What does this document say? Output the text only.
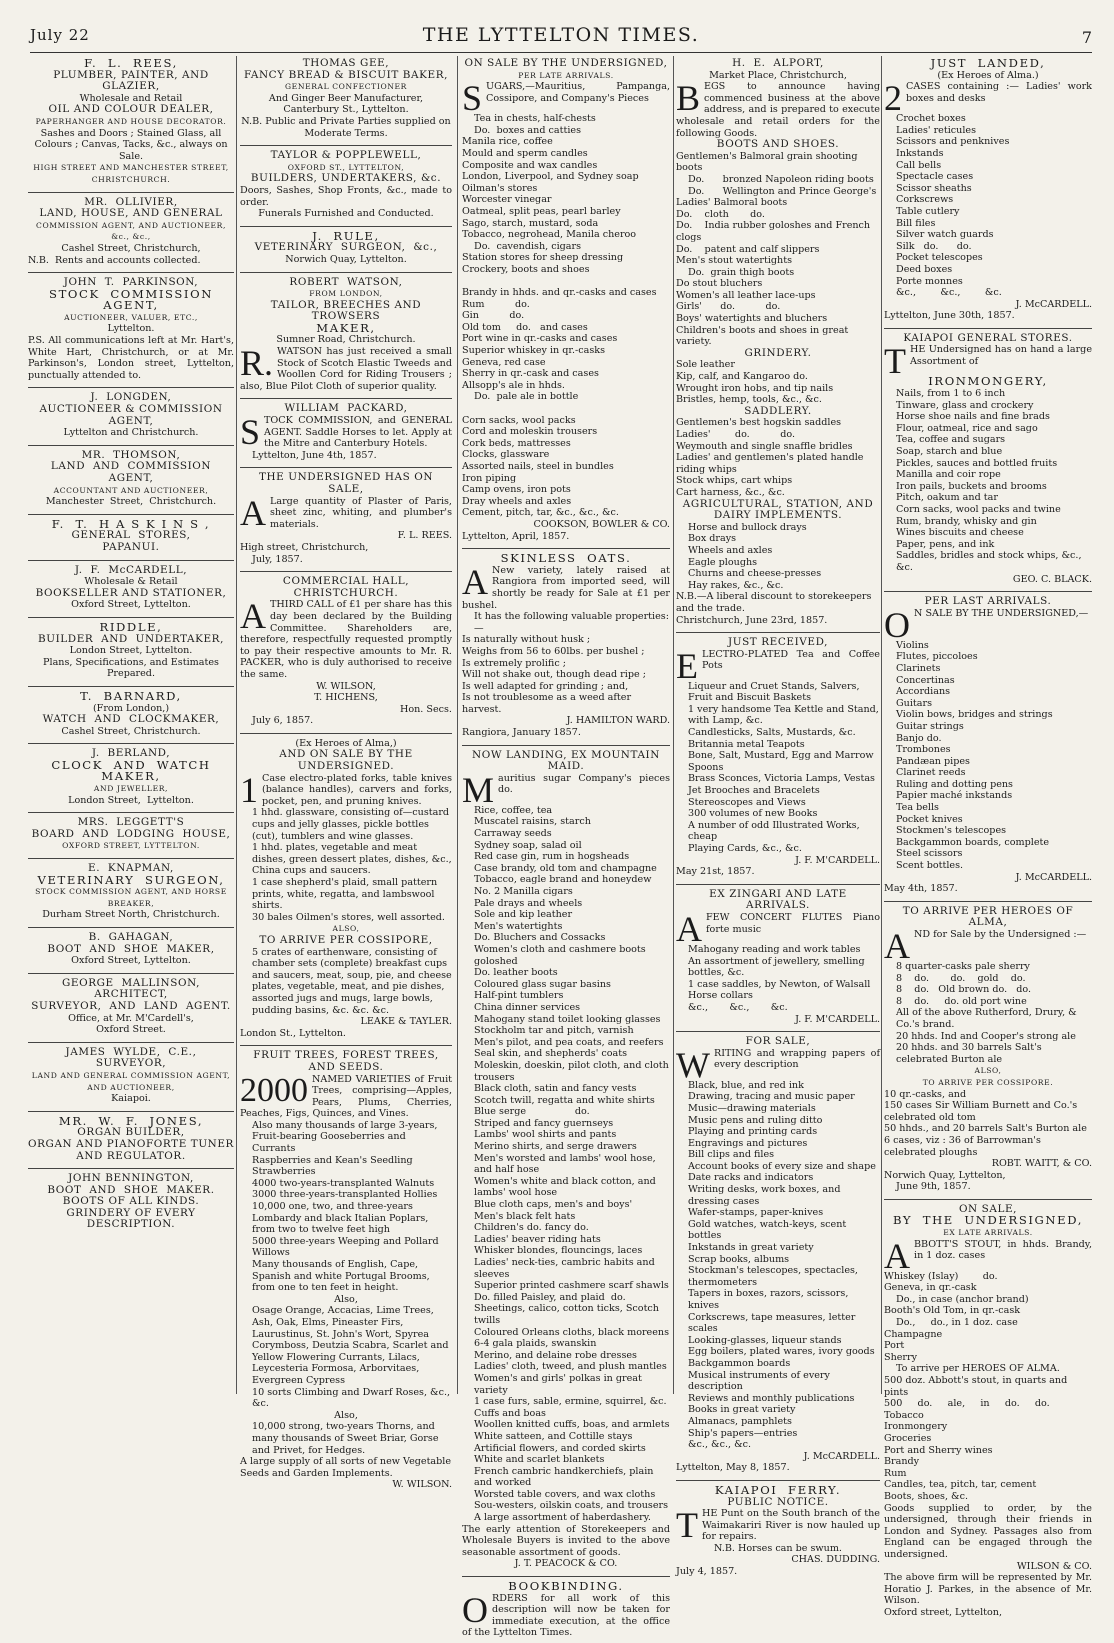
July 22	THE LYTTELTON TIMES.	7
F.  L.  REES,
PLUMBER, PAINTER, AND GLAZIER,
Wholesale and Retail
OIL AND COLOUR DEALER,
PAPERHANGER AND HOUSE DECORATOR.
Sashes and Doors ; Stained Glass, all Colours ; Canvas, Tacks, &c., always on Sale.
HIGH STREET AND MANCHESTER STREET, CHRISTCHURCH.
MR.  OLLIVIER,
LAND, HOUSE, AND GENERAL
COMMISSION AGENT, AND AUCTIONEER, &c., &c.,
Cashel Street, Christchurch,
N.B.  Rents and accounts collected.
JOHN  T.  PARKINSON,
STOCK  COMMISSION  AGENT,
AUCTIONEER, VALUER, ETC.,
Lyttelton.
P.S. All communications left at Mr. Hart's, White Hart, Christchurch, or at Mr. Parkinson's, London street, Lyttelton, punctually attended to.
J.  LONGDEN,
AUCTIONEER & COMMISSION AGENT,
Lyttelton and Christchurch.
MR.  THOMSON,
LAND  AND  COMMISSION  AGENT,
ACCOUNTANT AND AUCTIONEER,
Manchester  Street,  Christchurch.
F.  T.  H A S K I N S ,
GENERAL  STORES,
PAPANUI.
J.  F.  McCARDELL,
Wholesale & Retail
BOOKSELLER AND STATIONER,
Oxford Street, Lyttelton.
RIDDLE,
BUILDER  AND  UNDERTAKER,
London Street, Lyttelton.
Plans, Specifications, and Estimates Prepared.
T.  BARNARD,
(From London,)
WATCH  AND  CLOCKMAKER,
Cashel Street, Christchurch.
J.  BERLAND,
CLOCK  AND  WATCH  MAKER,
AND JEWELLER,
London Street,  Lyttelton.
MRS.  LEGGETT'S
BOARD  AND  LODGING  HOUSE,
OXFORD STREET, LYTTELTON.
E.  KNAPMAN,
VETERINARY  SURGEON,
STOCK COMMISSION AGENT, AND HORSE BREAKER,
Durham Street North, Christchurch.
B.  GAHAGAN,
BOOT  AND  SHOE  MAKER,
Oxford Street, Lyttelton.
GEORGE  MALLINSON,
ARCHITECT,
SURVEYOR,  AND  LAND  AGENT.
Office, at Mr. M'Cardell's,
Oxford Street.
JAMES  WYLDE,  C.E.,
SURVEYOR,
LAND AND GENERAL COMMISSION AGENT, AND AUCTIONEER,
Kaiapoi.
MR.  W.  F.  JONES,
ORGAN BUILDER,
ORGAN AND PIANOFORTE TUNER
AND REGULATOR.
JOHN BENNINGTON,
BOOT  AND  SHOE  MAKER.
BOOTS OF ALL KINDS.
GRINDERY OF EVERY DESCRIPTION.
THOMAS GEE,
FANCY BREAD & BISCUIT BAKER,
GENERAL CONFECTIONER
And Ginger Beer Manufacturer,
Canterbury St., Lyttelton.
N.B. Public and Private Parties supplied on Moderate Terms.
TAYLOR & POPPLEWELL,
OXFORD ST., LYTTELTON,
BUILDERS, UNDERTAKERS, &c.
Doors, Sashes, Shop Fronts, &c., made to order.
Funerals Furnished and Conducted.
J.  RULE,
VETERINARY  SURGEON,  &c.,
Norwich Quay, Lyttelton.
ROBERT  WATSON,
FROM LONDON,
TAILOR, BREECHES AND TROWSERS
MAKER,
Sumner Road, Christchurch.
R. WATSON has just received a small Stock of Scotch Elastic Tweeds and Woollen Cord for Riding Trousers ; also, Blue Pilot Cloth of superior quality.
WILLIAM  PACKARD,
STOCK COMMISSION, and GENERAL AGENT. Saddle Horses to let. Apply at the Mitre and Canterbury Hotels.
Lyttelton, June 4th, 1857.
THE UNDERSIGNED HAS ON SALE,
A Large quantity of Plaster of Paris, sheet zinc, whiting, and plumber's materials.
F. L. REES.
High street, Christchurch,
July, 1857.
COMMERCIAL HALL, CHRISTCHURCH.
ATHIRD CALL of £1 per share has this day been declared by the Building Committee. Shareholders are, therefore, respectfully requested promptly to pay their respective amounts to Mr. R. PACKER, who is duly authorised to receive the same.
W. WILSON,
T. HICHENS,
Hon. Secs.
July 6, 1857.
(Ex Heroes of Alma,)
AND ON SALE BY THE UNDERSIGNED.
1 Case electro-plated forks, table knives (balance handles), carvers and forks, pocket, pen, and pruning knives.
1 hhd. glassware, consisting of—custard cups and jelly glasses, pickle bottles (cut), tumblers and wine glasses.
1 hhd. plates, vegetable and meat dishes, green dessert plates, dishes, &c., China cups and saucers.
1 case shepherd's plaid, small pattern prints, white, regatta, and lambswool shirts.
30 bales Oilmen's stores, well assorted.
ALSO,
TO ARRIVE PER COSSIPORE,
5 crates of earthenware, consisting of chamber sets (complete) breakfast cups and saucers, meat, soup, pie, and cheese plates, vegetable, meat, and pie dishes, assorted jugs and mugs, large bowls, pudding basins, &c. &c. &c.
LEAKE & TAYLER.
London St., Lyttelton.
FRUIT TREES, FOREST TREES, AND SEEDS.
2000 NAMED VARIETIES of Fruit Trees, comprising—Apples, Pears, Plums, Cherries, Peaches, Figs, Quinces, and Vines.
Also many thousands of large 3-years, Fruit-bearing Gooseberries and Currants
Raspberries and Kean's Seedling Strawberries
4000 two-years-transplanted Walnuts
3000 three-years-transplanted Hollies
10,000 one, two, and three-years Lombardy and black Italian Poplars, from two to twelve feet high
5000 three-years Weeping and Pollard Willows
Many thousands of English, Cape, Spanish and white Portugal Brooms, from one to ten feet in height.
Also,
Osage Orange, Accacias, Lime Trees, Ash, Oak, Elms, Pineaster Firs, Laurustinus, St. John's Wort, Spyrea Corymboss, Deutzia Scabra, Scarlet and Yellow Flowering Currants, Lilacs, Leycesteria Formosa, Arborvitaes, Evergreen Cypress
10 sorts Climbing and Dwarf Roses, &c., &c.
Also,
10,000 strong, two-years Thorns, and many thousands of Sweet Briar, Gorse and Privet, for Hedges.
A large supply of all sorts of new Vegetable Seeds and Garden Implements.
W. WILSON.
ON SALE BY THE UNDERSIGNED,
PER LATE ARRIVALS.
SUGARS,—Mauritius, Pampanga, Cossipore, and Company's Pieces
Tea in chests, half-chests
Do.  boxes and catties
Manila rice, coffee
Mould and sperm candles
Composite and wax candles
London, Liverpool, and Sydney soap
Oilman's stores
Worcester vinegar
Oatmeal, split peas, pearl barley
Sago, starch, mustard, soda
Tobacco, negrohead, Manila cheroo
Do.  cavendish, cigars
Station stores for sheep dressing
Crockery, boots and shoes

Brandy in hhds. and qr.-casks and cases
Rum          do.
Gin          do.
Old tom     do.   and cases
Port wine in qr.-casks and cases
Superior whiskey in qr.-casks
Geneva, red case
Sherry in qr.-cask and cases
Allsopp's ale in hhds.
Do.  pale ale in bottle

Corn sacks, wool packs
Cord and moleskin trousers
Cork beds, mattresses
Clocks, glassware
Assorted nails, steel in bundles
Iron piping
Camp ovens, iron pots
Dray wheels and axles
Cement, pitch, tar, &c., &c., &c.
COOKSON, BOWLER & CO.
Lyttelton, April, 1857.
SKINLESS  OATS.
A New variety, lately raised at Rangiora from imported seed, will shortly be ready for Sale at £1 per bushel.
It has the following valuable properties:—
Is naturally without husk ;
Weighs from 56 to 60lbs. per bushel ;
Is extremely prolific ;
Will not shake out, though dead ripe ;
Is well adapted for grinding ; and,
Is not troublesome as a weed after harvest.
J. HAMILTON WARD.
Rangiora, January 1857.
NOW LANDING, EX MOUNTAIN MAID.
Mauritius sugar Company's pieces do.
Rice, coffee, tea
Muscatel raisins, starch
Carraway seeds
Sydney soap, salad oil
Red case gin, rum in hogsheads
Case brandy, old tom and champagne
Tobacco, eagle brand and honeydew
No. 2 Manilla cigars
Pale drays and wheels
Sole and kip leather
Men's watertights
Do. Bluchers and Cossacks
Women's cloth and cashmere boots goloshed
Do. leather boots
Coloured glass sugar basins
Half-pint tumblers
China dinner services
Mahogany stand toilet looking glasses
Stockholm tar and pitch, varnish
Men's pilot, and pea coats, and reefers
Seal skin, and shepherds' coats
Moleskin, doeskin, pilot cloth, and cloth trousers
Black cloth, satin and fancy vests
Scotch twill, regatta and white shirts
Blue serge                do.
Striped and fancy guernseys
Lambs' wool shirts and pants
Merino shirts, and serge drawers
Men's worsted and lambs' wool hose, and half hose
Women's white and black cotton, and lambs' wool hose
Blue cloth caps, men's and boys'
Men's black felt hats
Children's do. fancy do.
Ladies' beaver riding hats
Whisker blondes, flouncings, laces
Ladies' neck-ties, cambric habits and sleeves
Superior printed cashmere scarf shawls
Do. filled Paisley, and plaid  do.
Sheetings, calico, cotton ticks, Scotch twills
Coloured Orleans cloths, black moreens
6-4 gala plaids, swanskin
Merino, and delaine robe dresses
Ladies' cloth, tweed, and plush mantles
Women's and girls' polkas in great variety
1 case furs, sable, ermine, squirrel, &c.
Cuffs and boas
Woollen knitted cuffs, boas, and armlets
White satteen, and Cottille stays
Artificial flowers, and corded skirts
White and scarlet blankets
French cambric handkerchiefs, plain and worked
Worsted table covers, and wax cloths
Sou-westers, oilskin coats, and trousers
A large assortment of haberdashery.
The early attention of Storekeepers and Wholesale Buyers is invited to the above seasonable assortment of goods.
J. T. PEACOCK & CO.
BOOKBINDING.
ORDERS for all work of this description will now be taken for immediate execution, at the office of the Lyttelton Times.
H.  E.  ALPORT,
Market Place, Christchurch,
BEGS to announce having commenced business at the above address, and is prepared to execute wholesale and retail orders for the following Goods.
BOOTS AND SHOES.
Gentlemen's Balmoral grain shooting boots
Do.      bronzed Napoleon riding boots
Do.      Wellington and Prince George's
Ladies' Balmoral boots
Do.    cloth       do.
Do.    India rubber goloshes and French clogs
Do.    patent and calf slippers
Men's stout watertights
Do.  grain thigh boots
Do stout bluchers
Women's all leather lace-ups
Girls'      do.          do.
Boys' watertights and bluchers
Children's boots and shoes in great variety.
GRINDERY.
Sole leather
Kip, calf, and Kangaroo do.
Wrought iron hobs, and tip nails
Bristles, hemp, tools, &c., &c.
SADDLERY.
Gentlemen's best hogskin saddles
Ladies'        do.          do.
Weymouth and single snaffle bridles
Ladies' and gentlemen's plated handle riding whips
Stock whips, cart whips
Cart harness, &c., &c.
AGRICULTURAL, STATION, AND DAIRY IMPLEMENTS.
Horse and bullock drays
Box drays
Wheels and axles
Eagle ploughs
Churns and cheese-presses
Hay rakes, &c., &c.
N.B.—A liberal discount to storekeepers and the trade.
Christchurch, June 23rd, 1857.
JUST RECEIVED,
ELECTRO-PLATED Tea and Coffee Pots
Liqueur and Cruet Stands, Salvers, Fruit and Biscuit Baskets
1 very handsome Tea Kettle and Stand, with Lamp, &c.
Candlesticks, Salts, Mustards, &c.
Britannia metal Teapots
Bone, Salt, Mustard, Egg and Marrow Spoons
Brass Sconces, Victoria Lamps, Vestas
Jet Brooches and Bracelets
Stereoscopes and Views
300 volumes of new Books
A number of odd Illustrated Works, cheap
Playing Cards, &c., &c.
J. F. M'CARDELL.
May 21st, 1857.
EX ZINGARI AND LATE ARRIVALS.
AFEW CONCERT FLUTES Piano forte music
Mahogany reading and work tables
An assortment of jewellery, smelling bottles, &c.
1 case saddles, by Newton, of Walsall
Horse collars
&c.,       &c.,       &c.
J. F. M'CARDELL.
FOR SALE,
WRITING and wrapping papers of every description
Black, blue, and red ink
Drawing, tracing and music paper
Music—drawing materials
Music pens and ruling ditto
Playing and printing cards
Engravings and pictures
Bill clips and files
Account books of every size and shape
Date racks and indicators
Writing desks, work boxes, and dressing cases
Wafer-stamps, paper-knives
Gold watches, watch-keys, scent bottles
Inkstands in great variety
Scrap books, albums
Stockman's telescopes, spectacles, thermometers
Tapers in boxes, razors, scissors, knives
Corkscrews, tape measures, letter scales
Looking-glasses, liqueur stands
Egg boilers, plated wares, ivory goods
Backgammon boards
Musical instruments of every description
Reviews and monthly publications
Books in great variety
Almanacs, pamphlets
Ship's papers—entries
&c., &c., &c.
J. McCARDELL.
Lyttelton, May 8, 1857.
KAIAPOI  FERRY.
PUBLIC NOTICE.
THE Punt on the South branch of the Waimakariri River is now hauled up for repairs.
N.B. Horses can be swum.
CHAS. DUDDING.
July 4, 1857.
JUST  LANDED,
(Ex Heroes of Alma.)
2 CASES containing :— Ladies' work boxes and desks
Crochet boxes
Ladies' reticules
Scissors and penknives
Inkstands
Call bells
Spectacle cases
Scissor sheaths
Corkscrews
Table cutlery
Bill files
Silver watch guards
Silk   do.      do.
Pocket telescopes
Deed boxes
Porte monnes
&c.,        &c.,        &c.
J. McCARDELL.
Lyttelton, June 30th, 1857.
KAIAPOI GENERAL STORES.
THE Undersigned has on hand a large Assortment of
IRONMONGERY,
Nails, from 1 to 6 inch
Tinware, glass and crockery
Horse shoe nails and fine brads
Flour, oatmeal, rice and sago
Tea, coffee and sugars
Soap, starch and blue
Pickles, sauces and bottled fruits
Manilla and coir rope
Iron pails, buckets and brooms
Pitch, oakum and tar
Corn sacks, wool packs and twine
Rum, brandy, whisky and gin
Wines biscuits and cheese
Paper, pens, and ink
Saddles, bridles and stock whips, &c., &c.
GEO. C. BLACK.
PER LAST ARRIVALS.
O N SALE BY THE UNDERSIGNED,—
Violins
Flutes, piccoloes
Clarinets
Concertinas
Accordians
Guitars
Violin bows, bridges and strings
Guitar strings
Banjo do.
Trombones
Pandæan pipes
Clarinet reeds
Ruling and dotting pens
Papier maché inkstands
Tea bells
Pocket knives
Stockmen's telescopes
Backgammon boards, complete
Steel scissors
Scent bottles.
J. McCARDELL.
May 4th, 1857.
TO ARRIVE PER HEROES OF ALMA,
AND for Sale by the Undersigned :—
8 quarter-casks pale sherry
8    do.       do.    gold    do.
8    do.   Old brown do.   do.
8    do.     do. old port wine
All of the above Rutherford, Drury, & Co.'s brand.
20 hhds. Ind and Cooper's strong ale
20 hhds. and 30 barrels Salt's celebrated Burton ale
ALSO,
TO ARRIVE PER COSSIPORE.
10 qr.-casks, and
150 cases Sir William Burnett and Co.'s celebrated old tom
50 hhds., and 20 barrels Salt's Burton ale
6 cases, viz : 36 of Barrowman's celebrated ploughs
ROBT. WAITT, & CO.
Norwich Quay, Lyttelton,
June 9th, 1857.
ON SALE,
BY  THE  UNDERSIGNED,
EX LATE ARRIVALS.
ABBOTT'S STOUT, in hhds. Brandy, in 1 doz. cases
Whiskey (Islay)        do.
Geneva, in qr.-cask
Do., in case (anchor brand)
Booth's Old Tom, in qr.-cask
Do.,     do., in 1 doz. case
Champagne
Port
Sherry
To arrive per HEROES OF ALMA.
500 doz. Abbott's stout, in quarts and pints
500     do.     ale,     in     do.     do.
Tobacco
Ironmongery
Groceries
Port and Sherry wines
Brandy
Rum
Candles, tea, pitch, tar, cement
Boots, shoes, &c.
Goods supplied to order, by the undersigned, through their friends in London and Sydney. Passages also from England can be engaged through the undersigned.
WILSON & CO.
The above firm will be represented by Mr. Horatio J. Parkes, in the absence of Mr. Wilson.
Oxford street, Lyttelton,
